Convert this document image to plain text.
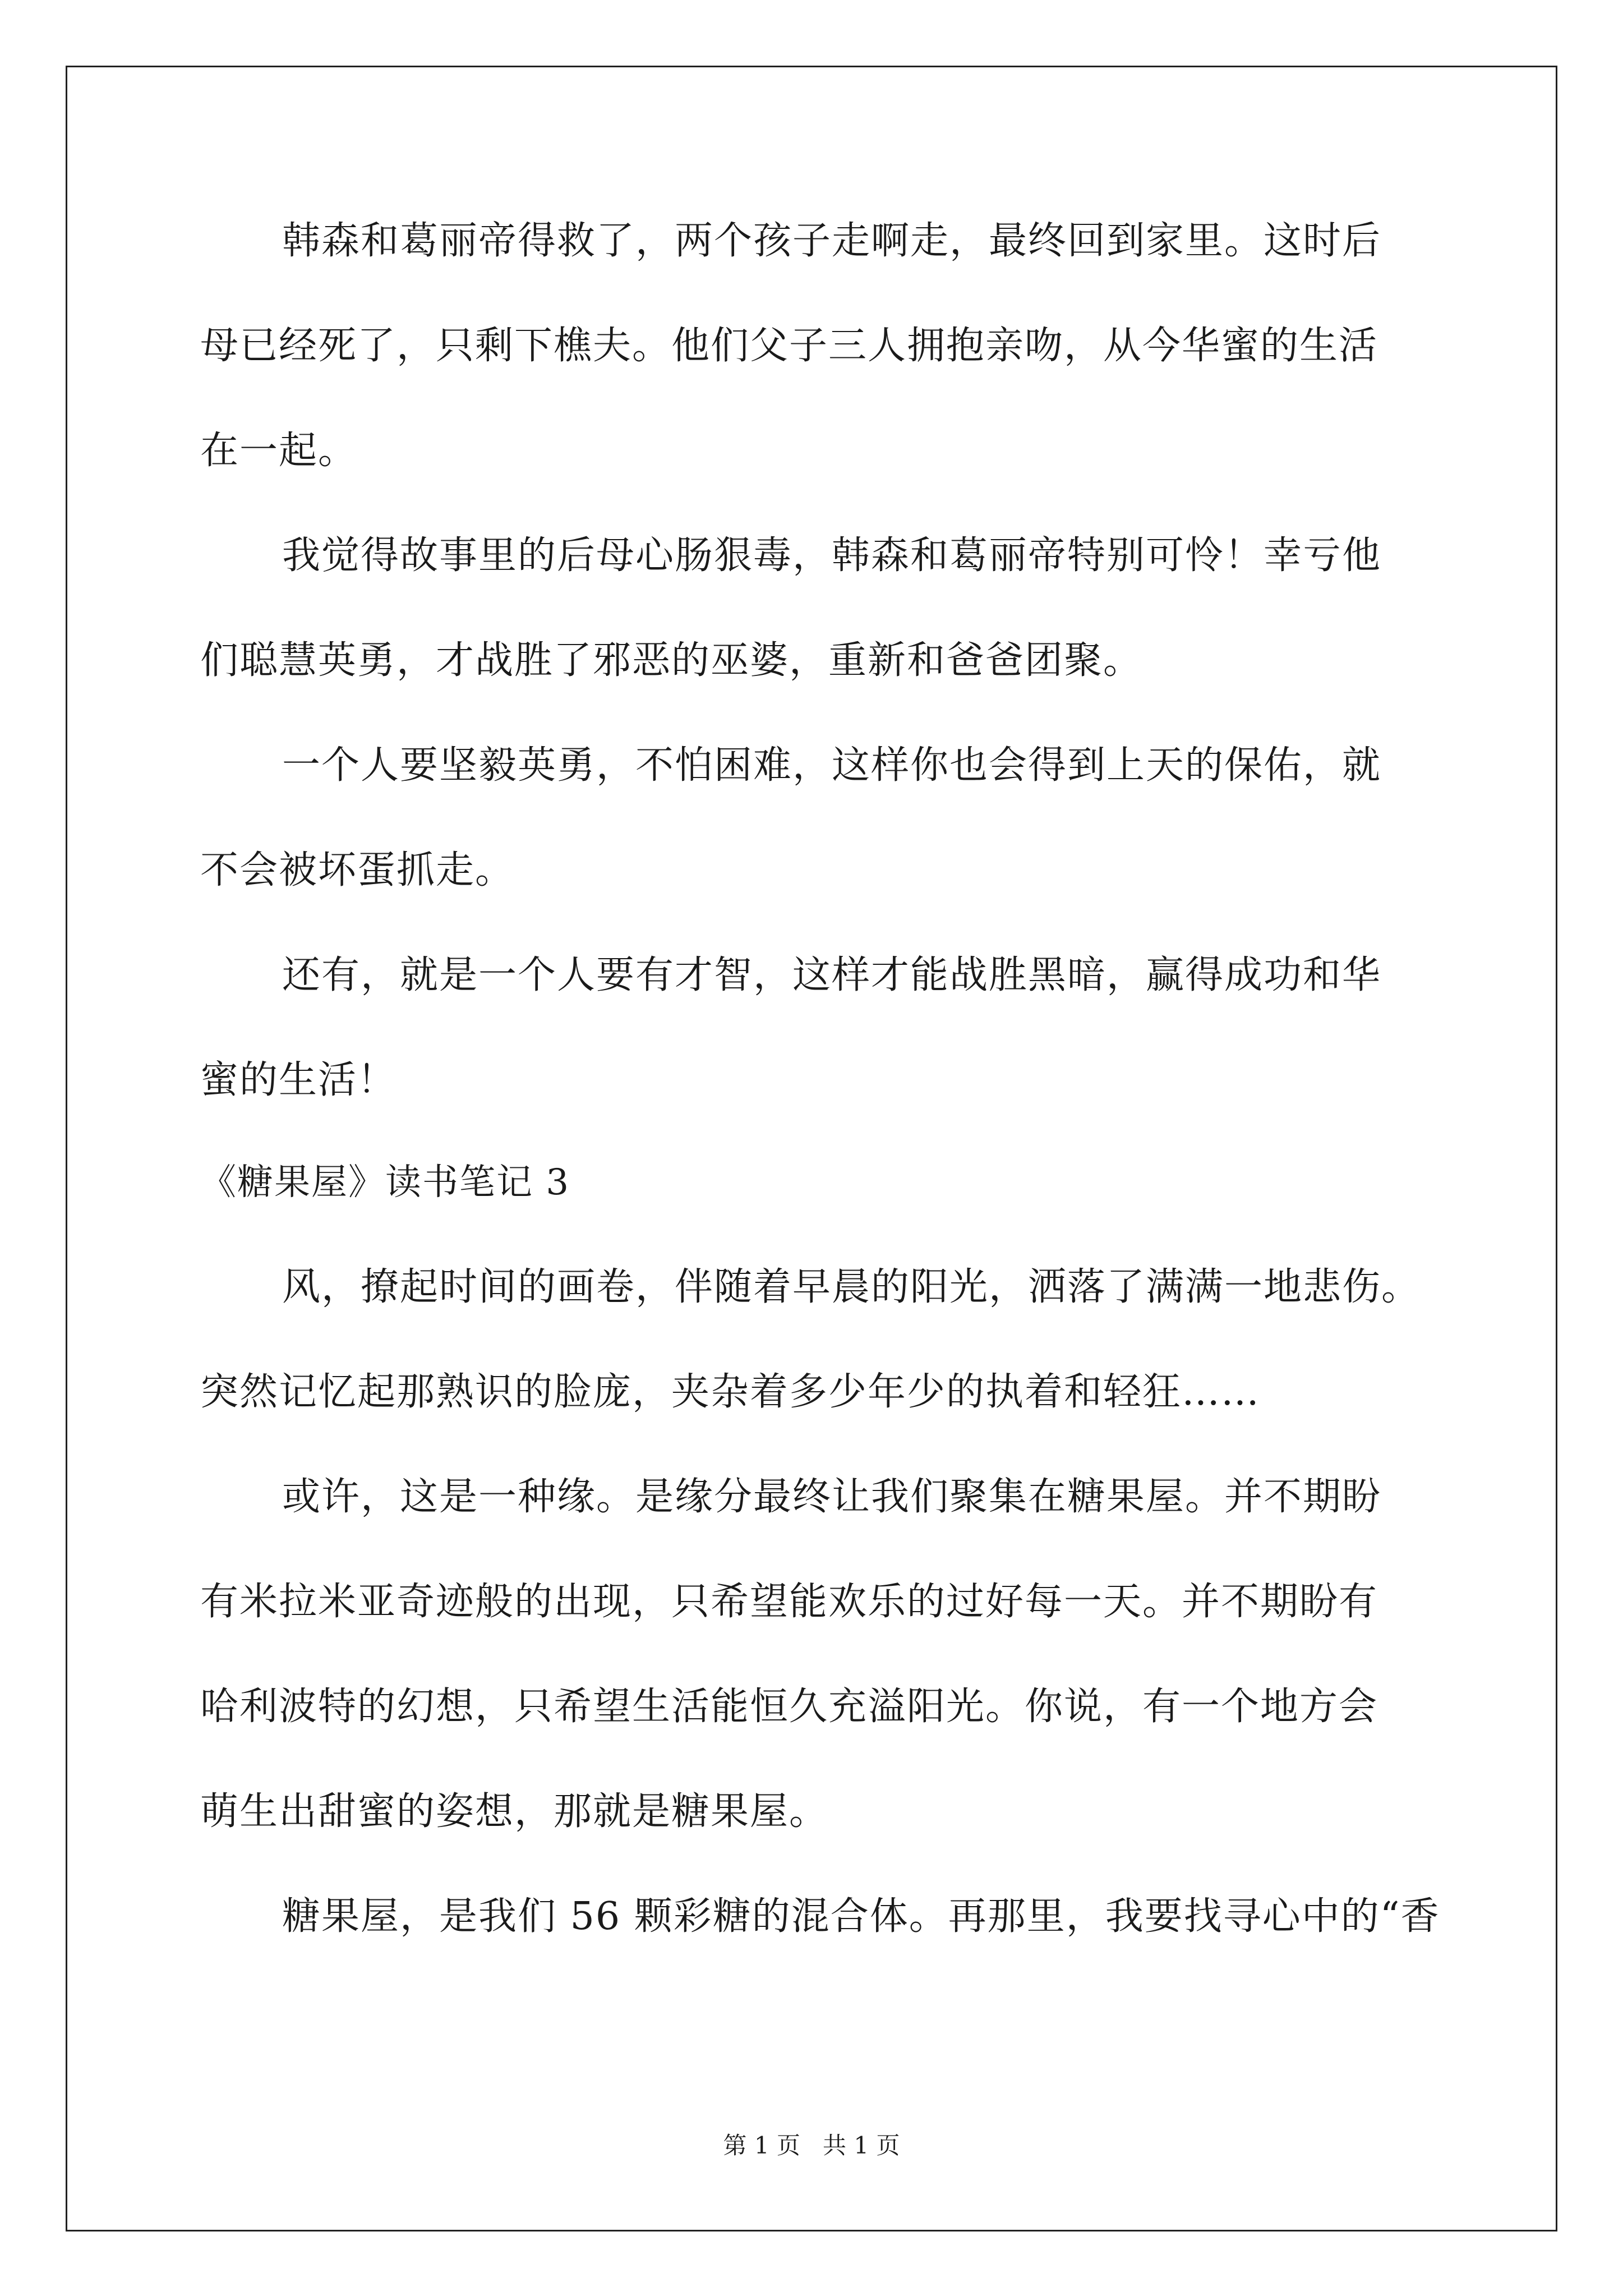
韩森和葛丽帝得救了，两个孩子走啊走，最终回到家里。这时后
母已经死了，只剩下樵夫。他们父子三人拥抱亲吻，从今华蜜的生活
在一起。
我觉得故事里的后母心肠狠毒，韩森和葛丽帝特别可怜！幸亏他
们聪慧英勇，才战胜了邪恶的巫婆，重新和爸爸团聚。
一个人要坚毅英勇，不怕困难，这样你也会得到上天的保佑，就
不会被坏蛋抓走。
还有，就是一个人要有才智，这样才能战胜黑暗，赢得成功和华
蜜的生活！
《糖果屋》读书笔记 3
风，撩起时间的画卷，伴随着早晨的阳光，洒落了满满一地悲伤。
突然记忆起那熟识的脸庞，夹杂着多少年少的执着和轻狂……
或许，这是一种缘。是缘分最终让我们聚集在糖果屋。并不期盼
有米拉米亚奇迹般的出现，只希望能欢乐的过好每一天。并不期盼有
哈利波特的幻想，只希望生活能恒久充溢阳光。你说，有一个地方会
萌生出甜蜜的姿想，那就是糖果屋。
糖果屋，是我们 56 颗彩糖的混合体。再那里，我要找寻心中的“香
第 1 页 共 1 页
